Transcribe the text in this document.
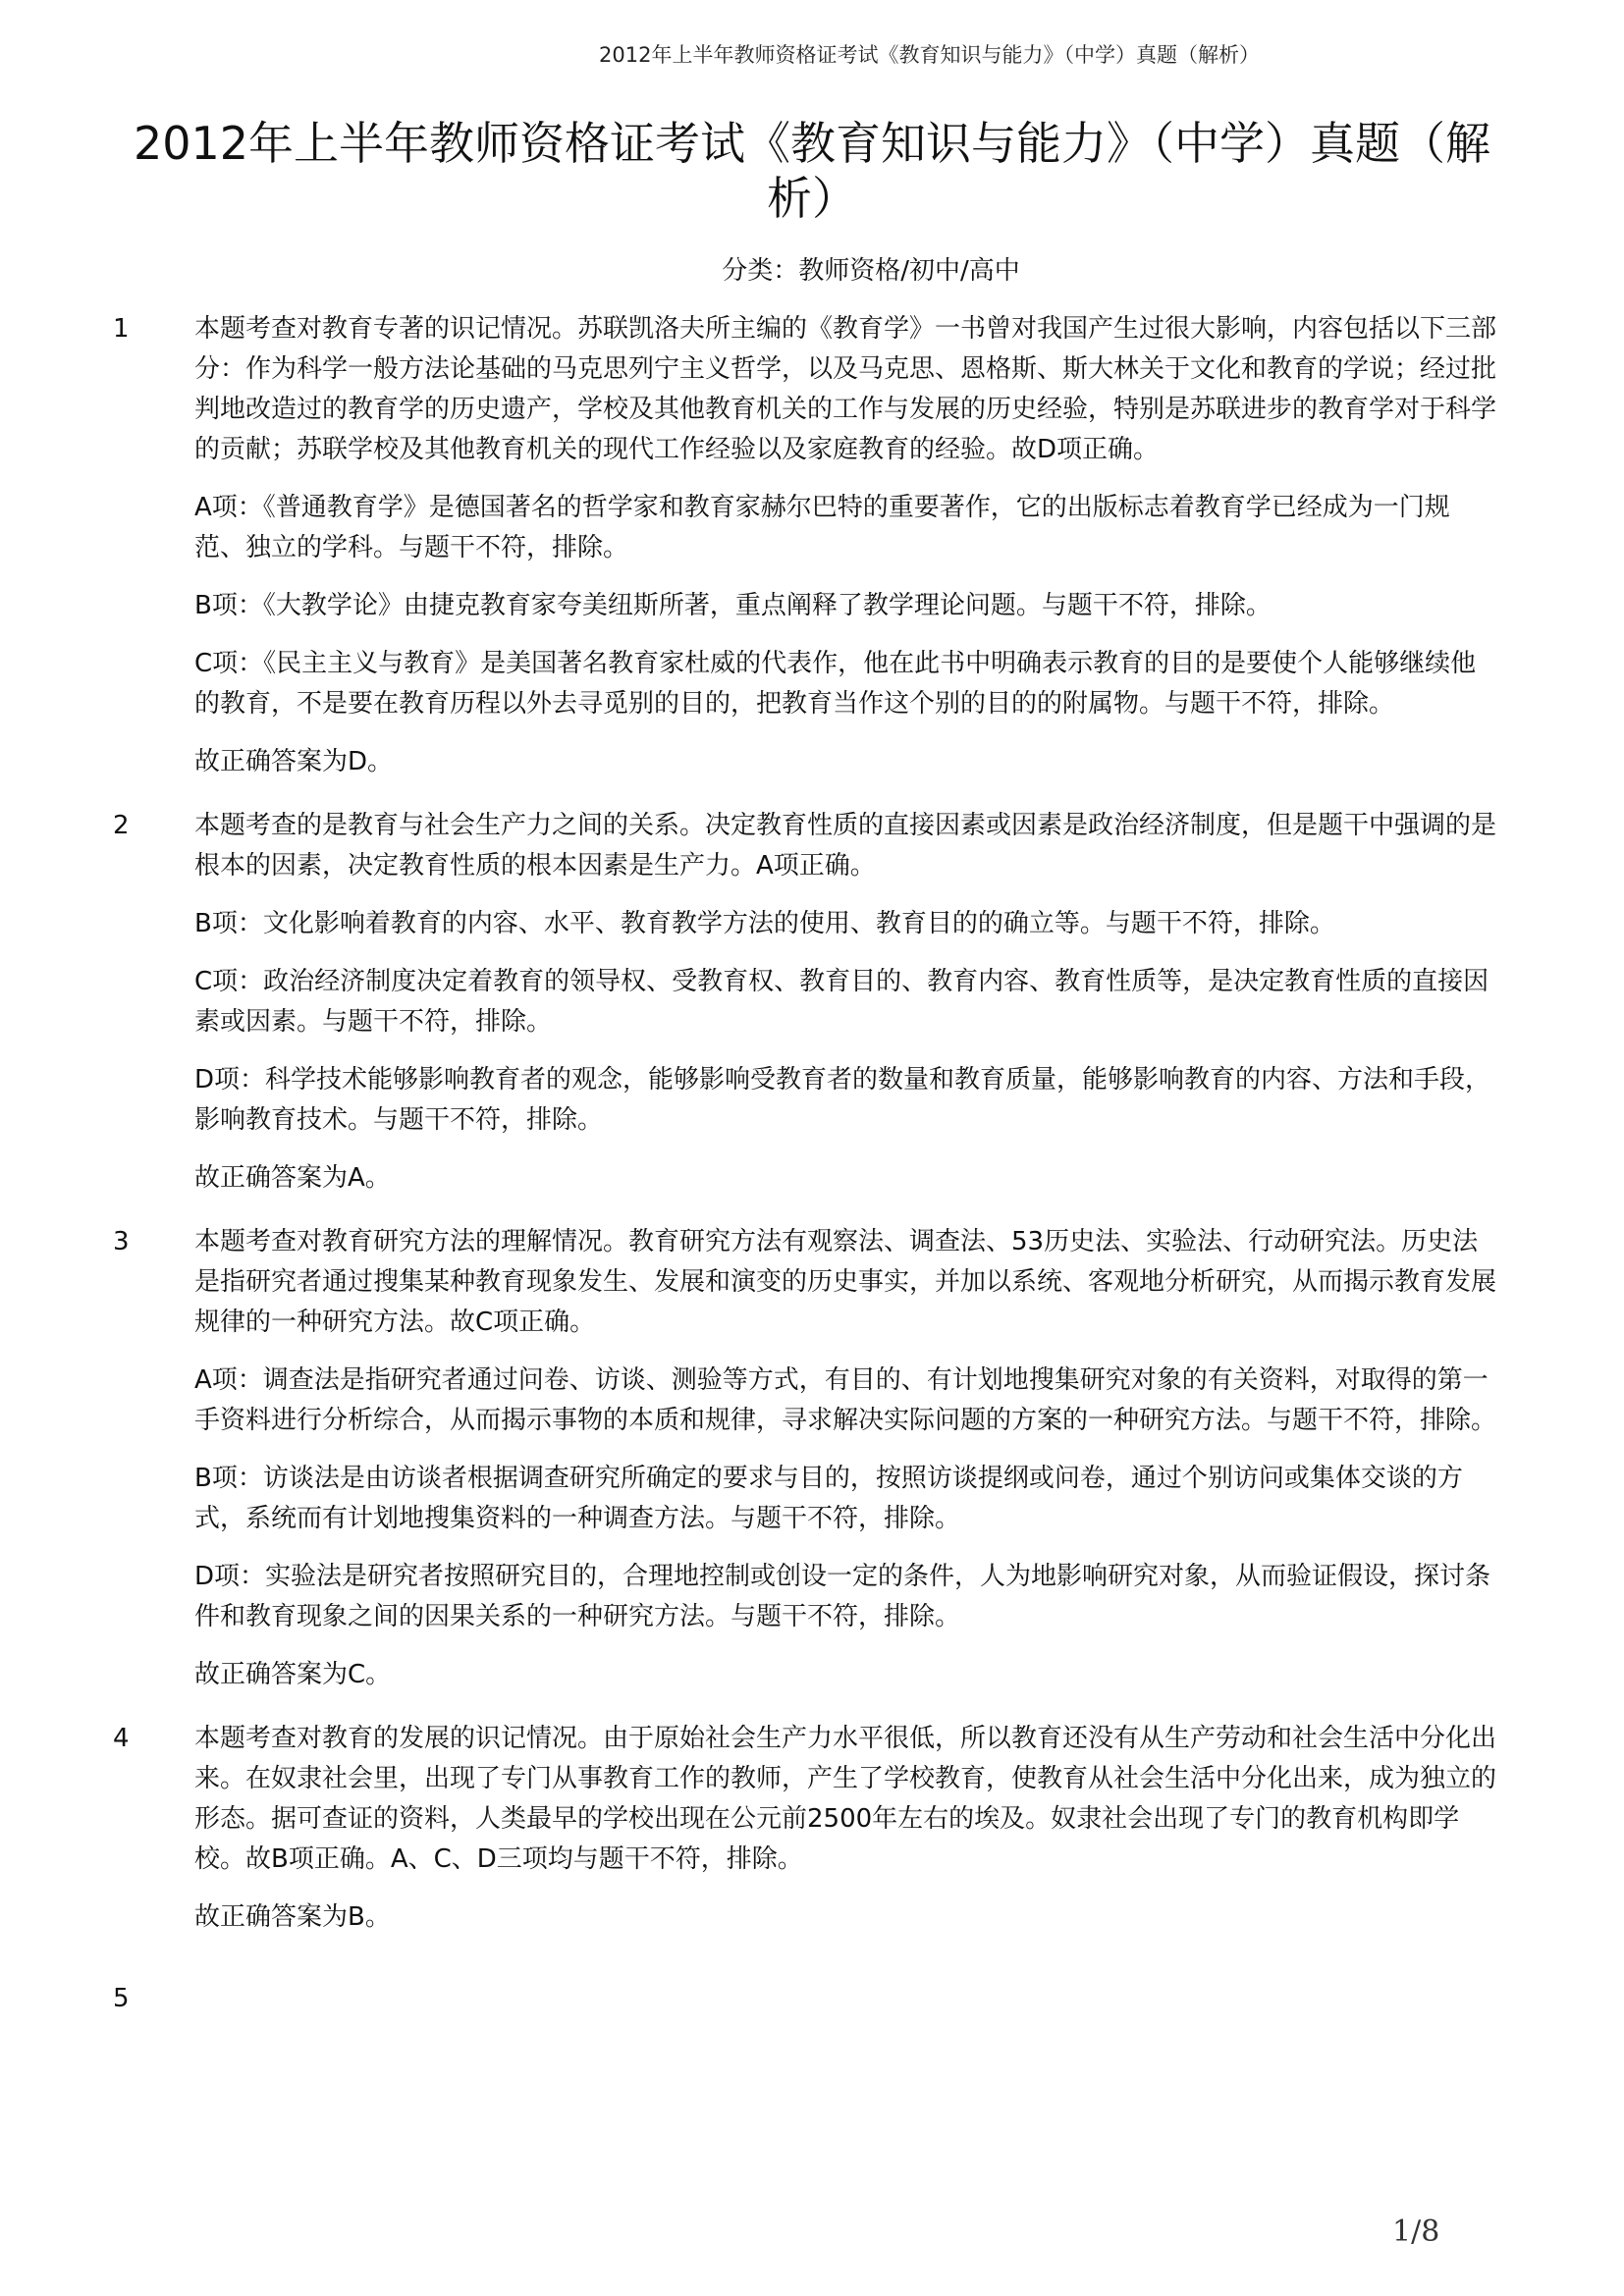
2012年上半年教师资格证考试《教育知识与能力》（中学）真题（解析）
2012年上半年教师资格证考试《教育知识与能力》（中学）真题（解析）
分类：教师资格/初中/高中
1	本题考查对教育专著的识记情况。苏联凯洛夫所主编的《教育学》一书曾对我国产生过很大影响，内容包括以下三部分：作为科学一般方法论基础的马克思列宁主义哲学，以及马克思、恩格斯、斯大林关于文化和教育的学说；经过批判地改造过的教育学的历史遗产，学校及其他教育机关的工作与发展的历史经验，特别是苏联进步的教育学对于科学的贡献；苏联学校及其他教育机关的现代工作经验以及家庭教育的经验。故D项正确。

A项：《普通教育学》是德国著名的哲学家和教育家赫尔巴特的重要著作，它的出版标志着教育学已经成为一门规范、独立的学科。与题干不符，排除。

B项：《大教学论》由捷克教育家夸美纽斯所著，重点阐释了教学理论问题。与题干不符，排除。

C项：《民主主义与教育》是美国著名教育家杜威的代表作，他在此书中明确表示教育的目的是要使个人能够继续他的教育，不是要在教育历程以外去寻觅别的目的，把教育当作这个别的目的的附属物。与题干不符，排除。

故正确答案为D。

2	本题考查的是教育与社会生产力之间的关系。决定教育性质的直接因素或因素是政治经济制度，但是题干中强调的是根本的因素，决定教育性质的根本因素是生产力。A项正确。

B项：文化影响着教育的内容、水平、教育教学方法的使用、教育目的的确立等。与题干不符，排除。

C项：政治经济制度决定着教育的领导权、受教育权、教育目的、教育内容、教育性质等，是决定教育性质的直接因素或因素。与题干不符，排除。

D项：科学技术能够影响教育者的观念，能够影响受教育者的数量和教育质量，能够影响教育的内容、方法和手段，影响教育技术。与题干不符，排除。

故正确答案为A。

3	本题考查对教育研究方法的理解情况。教育研究方法有观察法、调查法、53历史法、实验法、行动研究法。历史法是指研究者通过搜集某种教育现象发生、发展和演变的历史事实，并加以系统、客观地分析研究，从而揭示教育发展规律的一种研究方法。故C项正确。

A项：调查法是指研究者通过问卷、访谈、测验等方式，有目的、有计划地搜集研究对象的有关资料，对取得的第一手资料进行分析综合，从而揭示事物的本质和规律，寻求解决实际问题的方案的一种研究方法。与题干不符，排除。

B项：访谈法是由访谈者根据调查研究所确定的要求与目的，按照访谈提纲或问卷，通过个别访问或集体交谈的方式，系统而有计划地搜集资料的一种调查方法。与题干不符，排除。

D项：实验法是研究者按照研究目的，合理地控制或创设一定的条件，人为地影响研究对象，从而验证假设，探讨条件和教育现象之间的因果关系的一种研究方法。与题干不符，排除。

故正确答案为C。

4	本题考查对教育的发展的识记情况。由于原始社会生产力水平很低，所以教育还没有从生产劳动和社会生活中分化出来。在奴隶社会里，出现了专门从事教育工作的教师，产生了学校教育，使教育从社会生活中分化出来，成为独立的形态。据可查证的资料，人类最早的学校出现在公元前2500年左右的埃及。奴隶社会出现了专门的教育机构即学校。故B项正确。A、C、D三项均与题干不符，排除。

故正确答案为B。

5

1/8
